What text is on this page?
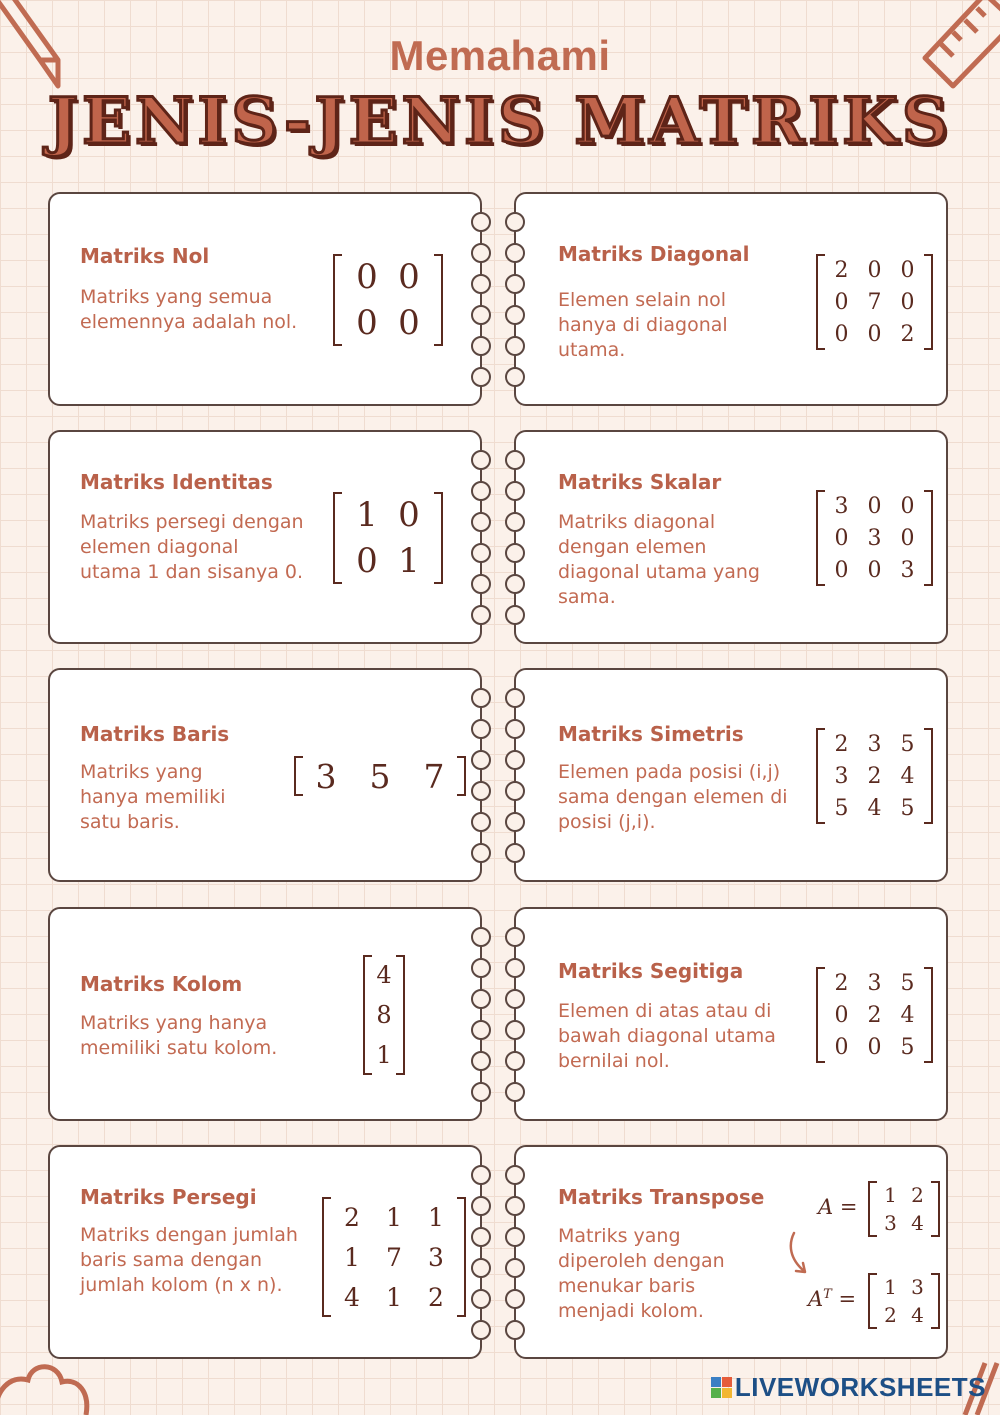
Memahami
JENIS-JENIS MATRIKS
Matriks Nol
Matriks yang semua elemennya adalah nol.
0 0
0 0
Matriks Diagonal
Elemen selain nol hanya di diagonal utama.
2 0 0
0 7 0
0 0 2
Matriks Identitas
Matriks persegi dengan elemen diagonal utama 1 dan sisanya 0.
1 0
0 1
Matriks Skalar
Matriks diagonal dengan elemen diagonal utama yang sama.
3 0 0
0 3 0
0 0 3
Matriks Baris
Matriks yang hanya memiliki satu baris.
3 5 7
Matriks Simetris
Elemen pada posisi (i,j) sama dengan elemen di posisi (j,i).
2 3 5
3 2 4
5 4 5
Matriks Kolom
Matriks yang hanya memiliki satu kolom.
4
8
1
Matriks Segitiga
Elemen di atas atau di bawah diagonal utama bernilai nol.
2 3 5
0 2 4
0 0 5
Matriks Persegi
Matriks dengan jumlah baris sama dengan jumlah kolom (n x n).
2 1 1
1 7 3
4 1 2
Matriks Transpose
Matriks yang diperoleh dengan menukar baris menjadi kolom.
A = 1 2
3 4
$A^T = 1$ 3
2 4
LIVEWORKSHEETS
